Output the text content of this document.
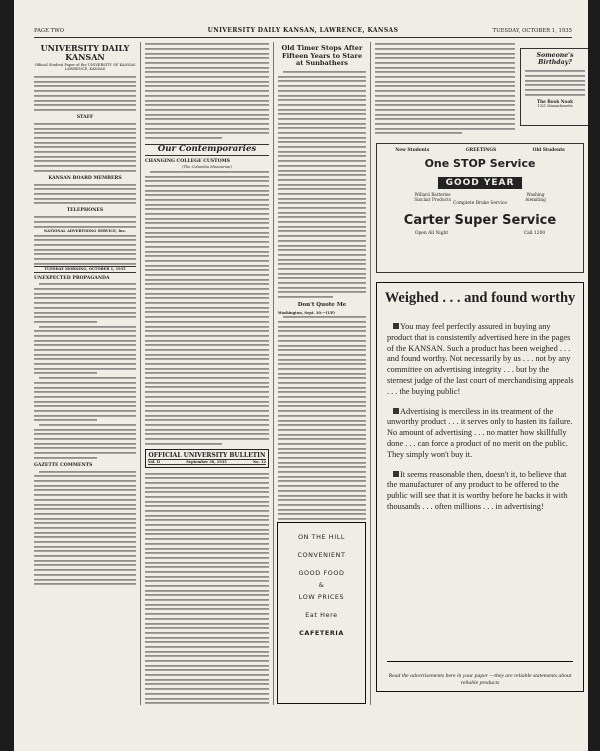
PAGE TWO	UNIVERSITY DAILY KANSAN, LAWRENCE, KANSAS	TUESDAY, OCTOBER 1, 1935
UNIVERSITY DAILY KANSAN
Official Student Paper of the UNIVERSITY OF KANSAS LAWRENCE, KANSAS
STAFF
KANSAN BOARD MEMBERS
TELEPHONES
NATIONAL ADVERTISING SERVICE, Inc.
TUESDAY MORNING, OCTOBER 1, 1935
UNEXPECTED PROPAGANDA
GAZETTE COMMENTS
Our Contemporaries
CHANGING COLLEGE CUSTOMS
(The Columbia Missourian)
OFFICIAL UNIVERSITY BULLETIN
Vol. II	September 30, 1935	No. 12
Old Timer Stops After Fifteen Years to Stare at Sunbathers
Don't Quote Me
Washington, Sept. 30.—(UP)
Someone's Birthday?
The Book Nook
1021 Massachusetts
New Students	GREETINGS	Old Students
One STOP Service
GOOD YEAR
Willard Batteries
Sinclair Products
Washing
Alemiting
Complete Brake Service
Carter Super Service
Open All Night	Call 1200
Weighed . . . and found worthy
You may feel perfectly assured in buying any product that is consistently advertised here in the pages of the KANSAN. Such a product has been weighed . . . and found worthy. Not necessarily by us . . . not by any committee on advertising integrity . . . but by the sternest judge of the last court of merchandising appeals . . . the buying public!
Advertising is merciless in its treatment of the unworthy product . . . it serves only to hasten its failure. No amount of advertising . . . no matter how skillfully done . . . can force a product of no merit on the public. They simply won't buy it.
It seems reasonable then, doesn't it, to believe that the manufacturer of any product to be offered to the public will see that it is worthy before he backs it with thousands . . . often millions . . . in advertising!
Read the advertisements here in your paper —they are reliable statements about reliable products
ON THE HILL
CONVENIENT
GOOD FOOD
&
LOW PRICES
Eat Here
CAFETERIA
